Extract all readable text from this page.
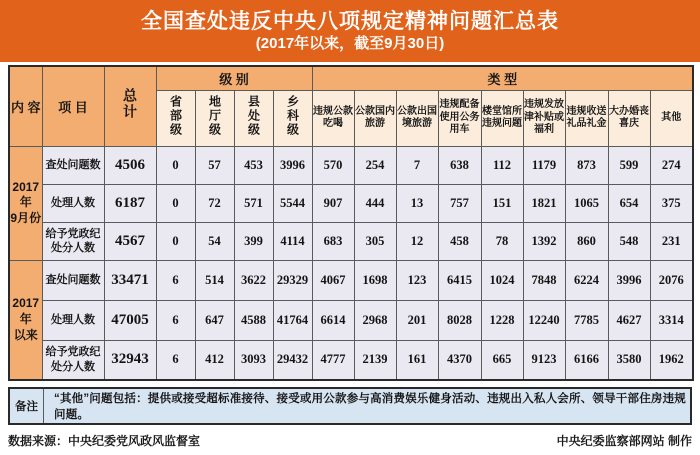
全国查处违反中央八项规定精神问题汇总表
(2017年以来，截至9月30日)
内 容	项 目	总计	级 别				类 型								
			省部级	地厅级	县处级	乡科级	违规公款吃喝	公款国内旅游	公款出国境旅游	违规配备使用公务用车	楼堂馆所违规问题	违规发放津补贴或福利	违规收送礼品礼金	大办婚丧喜庆	其他

2017年
9月份	查处问题数	4506	0	57	453	3996	570	254	7	638	112	1179	873	599	274
	处理人数	6187	0	72	571	5544	907	444	13	757	151	1821	1065	654	375
	给予党政纪处分人数	4567	0	54	399	4114	683	305	12	458	78	1392	860	548	231

2017年
以来	查处问题数	33471	6	514	3622	29329	4067	1698	123	6415	1024	7848	6224	3996	2076
	处理人数	47005	6	647	4588	41764	6614	2968	201	8028	1228	12240	7785	4627	3314
	给予党政纪处分人数	32943	6	412	3093	29432	4777	2139	161	4370	665	9123	6166	3580	1962
备注
“其他”问题包括：提供或接受超标准接待、接受或用公款参与高消费娱乐健身活动、违规出入私人会所、领导干部住房违规问题。
数据来源：中央纪委党风政风监督室	中央纪委监察部网站 制作
